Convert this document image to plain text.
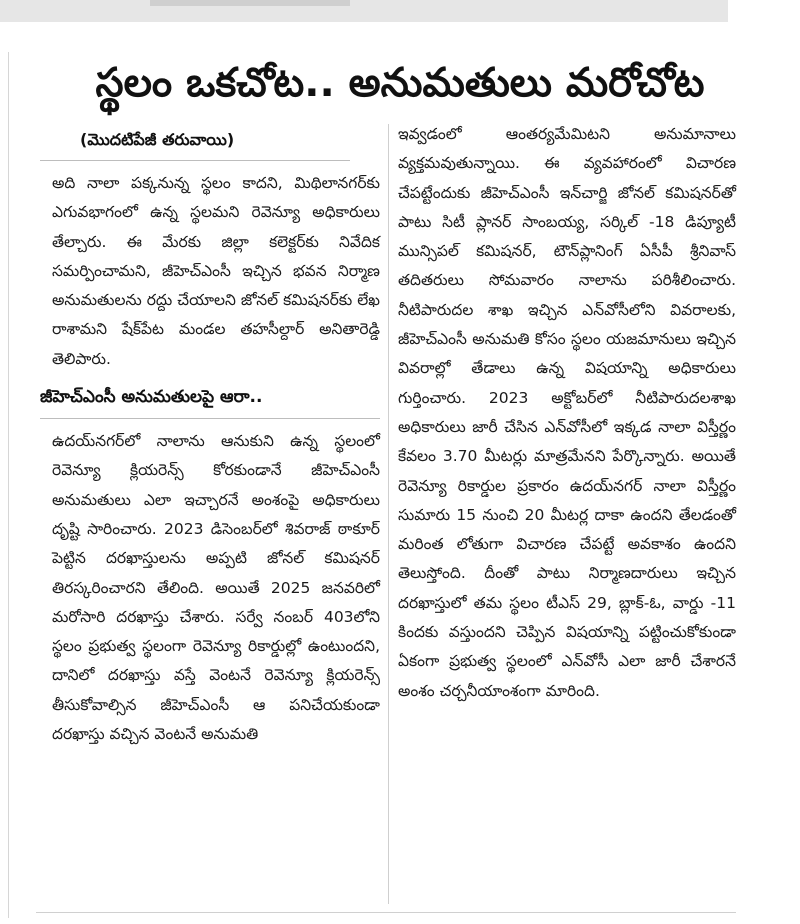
స్థలం ఒకచోట.. అనుమతులు మరోచోట
(మొదటిపేజీ తరువాయి)

అది నాలా పక్కనున్న స్థలం కాదని, మిథిలానగర్‌కు ఎగువభాగంలో ఉన్న స్థలమని రెవెన్యూ అధికారులు తేల్చారు. ఈ మేరకు జిల్లా కలెక్టర్‌కు నివేదిక సమర్పించామని, జీహెచ్‌ఎంసీ ఇచ్చిన భవన నిర్మాణ అనుమతులను రద్దు చేయాలని జోనల్ కమిషనర్‌కు లేఖ రాశామని షేక్‌పేట మండల తహసీల్దార్ అనితారెడ్డి తెలిపారు.

జీహెచ్‌ఎంసీ అనుమతులపై ఆరా..

ఉదయ్‌నగర్‌లో నాలాను ఆనుకుని ఉన్న స్థలంలో రెవెన్యూ క్లియరెన్స్ కోరకుండానే జీహెచ్‌ఎంసీ అనుమతులు ఎలా ఇచ్చారనే అంశంపై అధికారులు దృష్టి సారించారు. 2023 డిసెంబర్‌లో శివరాజ్ ఠాకూర్ పెట్టిన దరఖాస్తులను అప్పటి జోనల్ కమిషనర్ తిరస్కరించారని తేలింది. అయితే 2025 జనవరిలో మరోసారి దరఖాస్తు చేశారు. సర్వే నంబర్ 403లోని స్థలం ప్రభుత్వ స్థలంగా రెవెన్యూ రికార్డుల్లో ఉంటుందని, దానిలో దరఖాస్తు వస్తే వెంటనే రెవెన్యూ క్లియరెన్స్ తీసుకోవాల్సిన జీహెచ్‌ఎంసీ ఆ పనిచేయకుండా దరఖాస్తు వచ్చిన వెంటనే అనుమతి

ఇవ్వడంలో ఆంతర్యమేమిటని అనుమానాలు వ్యక్తమవుతున్నాయి. ఈ వ్యవహారంలో విచారణ చేపట్టేందుకు జీహెచ్‌ఎంసీ ఇన్‌చార్జి జోనల్ కమిషనర్‌తో పాటు సిటీ ప్లానర్ సాంబయ్య, సర్కిల్ -18 డిప్యూటీ మున్సిపల్ కమిషనర్, టౌన్‌ప్లానింగ్ ఏసీపీ శ్రీనివాస్ తదితరులు సోమవారం నాలాను పరిశీలించారు. నీటిపారుదల శాఖ ఇచ్చిన ఎన్‌వోసీలోని వివరాలకు, జీహెచ్‌ఎంసీ అనుమతి కోసం స్థలం యజమానులు ఇచ్చిన వివరాల్లో తేడాలు ఉన్న విషయాన్ని అధికారులు గుర్తించారు. 2023 అక్టోబర్‌లో నీటిపారుదలశాఖ అధికారులు జారీ చేసిన ఎన్‌వోసీలో ఇక్కడ నాలా విస్తీర్ణం కేవలం 3.70 మీటర్లు మాత్రమేనని పేర్కొన్నారు. అయితే రెవెన్యూ రికార్డుల ప్రకారం ఉదయ్‌నగర్ నాలా విస్తీర్ణం సుమారు 15 నుంచి 20 మీటర్ల దాకా ఉందని తేలడంతో మరింత లోతుగా విచారణ చేపట్టే అవకాశం ఉందని తెలుస్తోంది. దీంతో పాటు నిర్మాణదారులు ఇచ్చిన దరఖాస్తులో తమ స్థలం టీఎస్ 29, బ్లాక్-ఓ, వార్డు -11 కిందకు వస్తుందని చెప్పిన విషయాన్ని పట్టించుకోకుండా ఏకంగా ప్రభుత్వ స్థలంలో ఎన్‌వోసీ ఎలా జారీ చేశారనే అంశం చర్చనీయాంశంగా మారింది.
